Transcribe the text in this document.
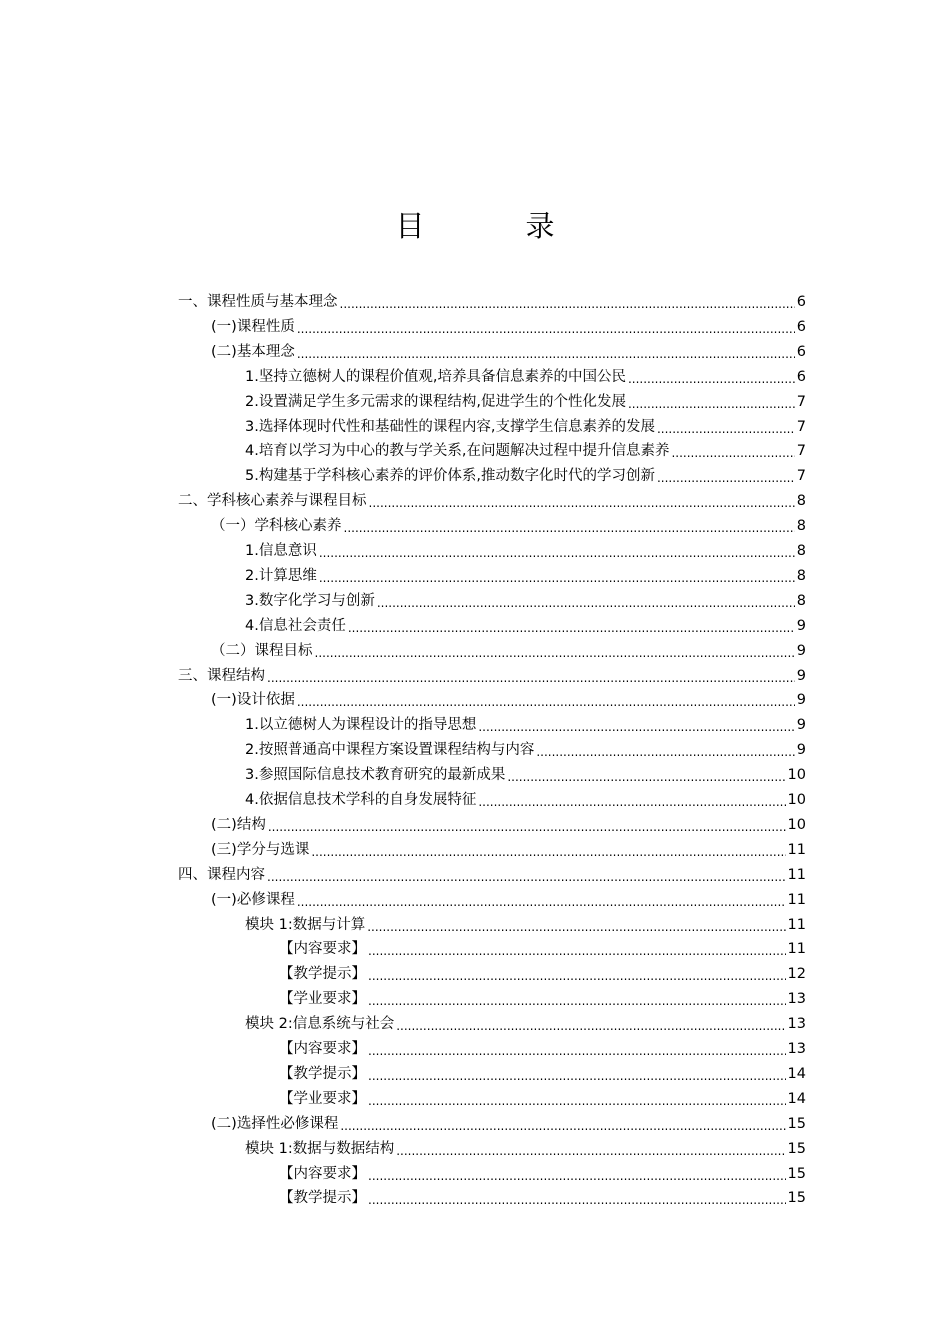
目　录
一、课程性质与基本理念 .....	6
(一)课程性质 .....	6
(二)基本理念 .....	6
1.坚持立德树人的课程价值观,培养具备信息素养的中国公民 .....	6
2.设置满足学生多元需求的课程结构,促进学生的个性化发展 .....	7
3.选择体现时代性和基础性的课程内容,支撑学生信息素养的发展 .....	7
4.培育以学习为中心的教与学关系,在问题解决过程中提升信息素养 .....	7
5.构建基于学科核心素养的评价体系,推动数字化时代的学习创新 .....	7
二、学科核心素养与课程目标 .....	8
（一）学科核心素养 .....	8
1.信息意识 .....	8
2.计算思维 .....	8
3.数字化学习与创新 .....	8
4.信息社会责任 .....	9
（二）课程目标 .....	9
三、课程结构 .....	9
(一)设计依据 .....	9
1.以立德树人为课程设计的指导思想 .....	9
2.按照普通高中课程方案设置课程结构与内容 .....	9
3.参照国际信息技术教育研究的最新成果 .....	10
4.依据信息技术学科的自身发展特征 .....	10
(二)结构 .....	10
(三)学分与选课 .....	11
四、课程内容 .....	11
(一)必修课程 .....	11
模块 1:数据与计算 .....	11
【内容要求】 .....	11
【教学提示】 .....	12
【学业要求】 .....	13
模块 2:信息系统与社会 .....	13
【内容要求】 .....	13
【教学提示】 .....	14
【学业要求】 .....	14
(二)选择性必修课程 .....	15
模块 1:数据与数据结构 .....	15
【内容要求】 .....	15
【教学提示】 .....	15
